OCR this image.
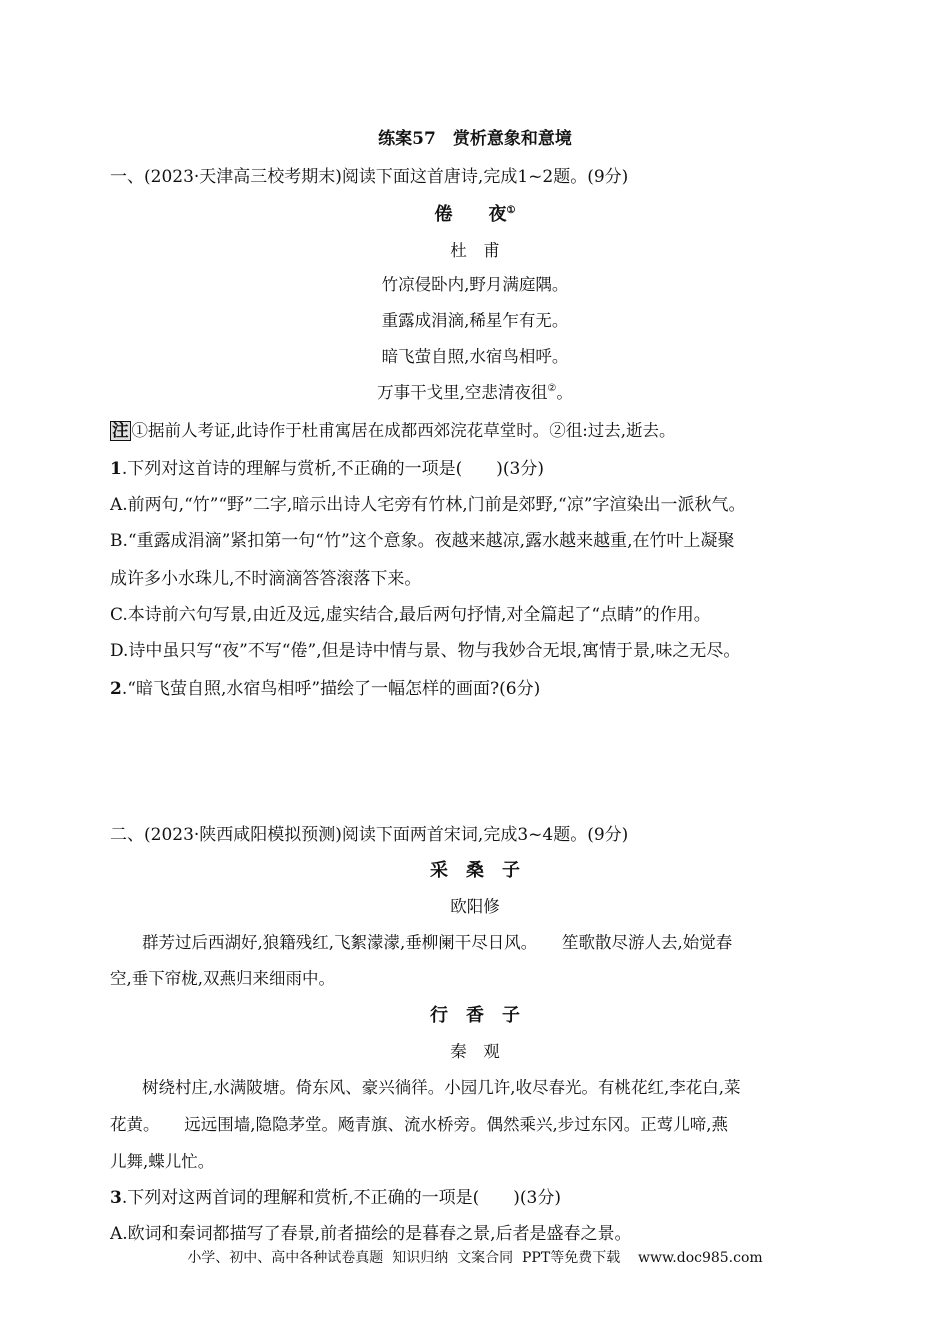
练案57　赏析意象和意境
一、(2023·天津高三校考期末)阅读下面这首唐诗,完成1~2题。(9分)
倦　　夜①
杜　甫
竹凉侵卧内,野月满庭隅。
重露成涓滴,稀星乍有无。
暗飞萤自照,水宿鸟相呼。
万事干戈里,空悲清夜徂②。
注 ①据前人考证,此诗作于杜甫寓居在成都西郊浣花草堂时。②徂:过去,逝去。
1.下列对这首诗的理解与赏析,不正确的一项是(　　)(3分)
A.前两句,“竹”“野”二字,暗示出诗人宅旁有竹林,门前是郊野,“凉”字渲染出一派秋气。
B.“重露成涓滴”紧扣第一句“竹”这个意象。夜越来越凉,露水越来越重,在竹叶上凝聚
成许多小水珠儿,不时滴滴答答滚落下来。
C.本诗前六句写景,由近及远,虚实结合,最后两句抒情,对全篇起了“点睛”的作用。
D.诗中虽只写“夜”不写“倦”,但是诗中情与景、物与我妙合无垠,寓情于景,味之无尽。
2.“暗飞萤自照,水宿鸟相呼”描绘了一幅怎样的画面?(6分)
二、(2023·陕西咸阳模拟预测)阅读下面两首宋词,完成3~4题。(9分)
采　桑　子
欧阳修
群芳过后西湖好,狼籍残红,飞絮濛濛,垂柳阑干尽日风。　　笙歌散尽游人去,始觉春
空,垂下帘栊,双燕归来细雨中。
行　香　子
秦　观
树绕村庄,水满陂塘。倚东风、豪兴徜徉。小园几许,收尽春光。有桃花红,李花白,菜
花黄。　　远远围墙,隐隐茅堂。飏青旗、流水桥旁。偶然乘兴,步过东冈。正莺儿啼,燕
儿舞,蝶儿忙。
3.下列对这两首词的理解和赏析,不正确的一项是(　　)(3分)
A.欧词和秦词都描写了春景,前者描绘的是暮春之景,后者是盛春之景。
小学、初中、高中各种试卷真题  知识归纳  文案合同  PPT等免费下载    www.doc985.com
